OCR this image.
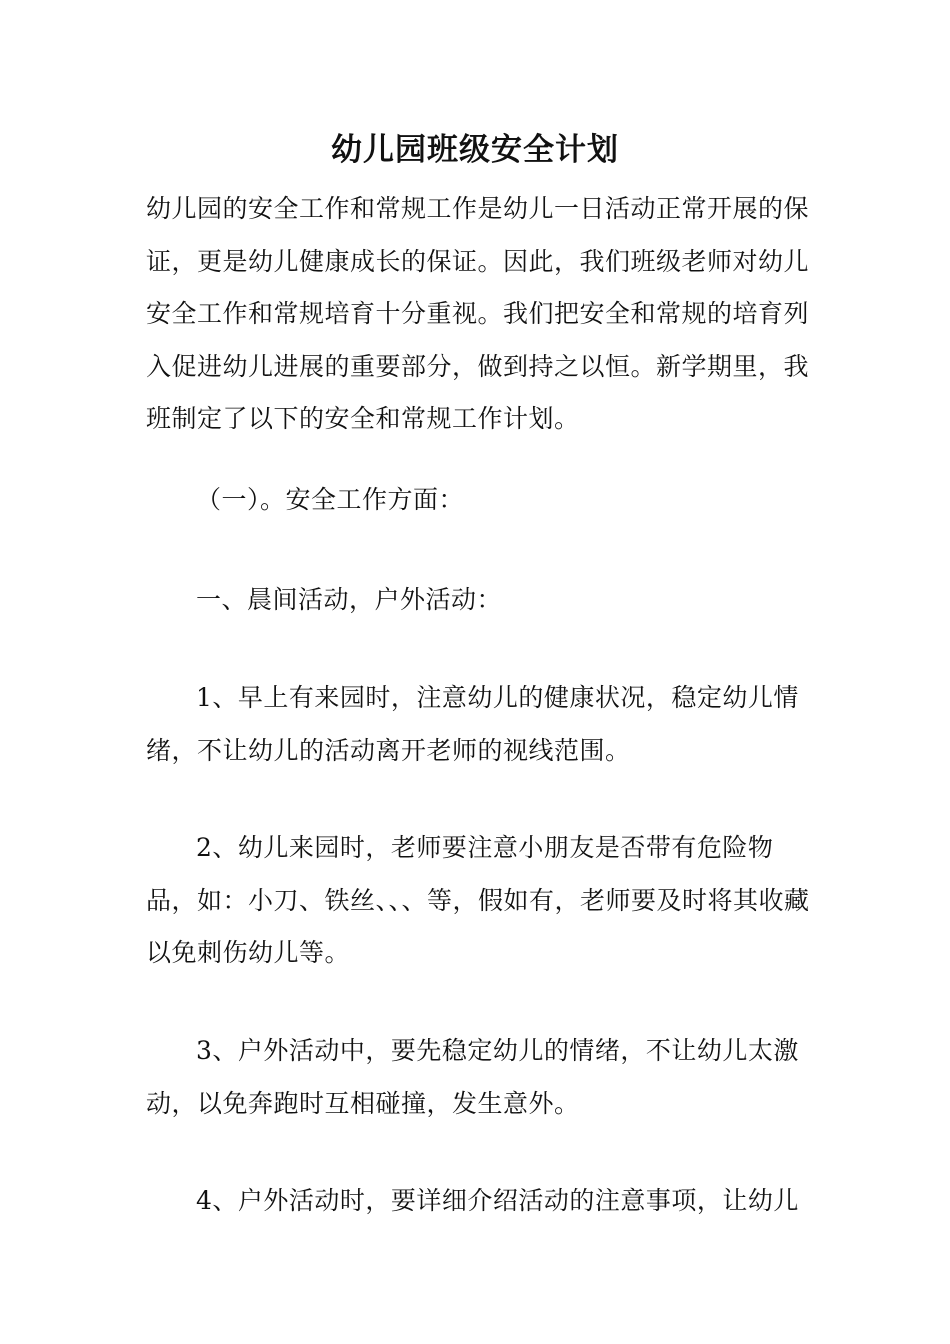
幼儿园班级安全计划

幼儿园的安全工作和常规工作是幼儿一日活动正常开展的保证，更是幼儿健康成长的保证。因此，我们班级老师对幼儿安全工作和常规培育十分重视。我们把安全和常规的培育列入促进幼儿进展的重要部分，做到持之以恒。新学期里，我班制定了以下的安全和常规工作计划。

（一）。安全工作方面：

一、晨间活动，户外活动：

1、早上有来园时，注意幼儿的健康状况，稳定幼儿情绪，不让幼儿的活动离开老师的视线范围。

2、幼儿来园时，老师要注意小朋友是否带有危险物品，如：小刀、铁丝、、、等，假如有，老师要及时将其收藏以免刺伤幼儿等。

3、户外活动中，要先稳定幼儿的情绪，不让幼儿太激动，以免奔跑时互相碰撞，发生意外。

4、户外活动时，要详细介绍活动的注意事项，让幼儿
